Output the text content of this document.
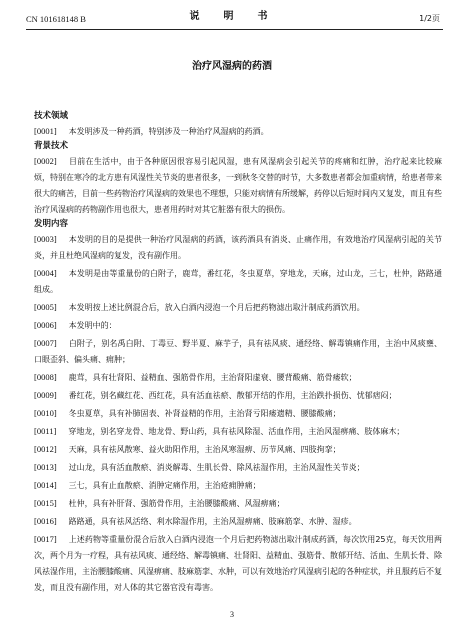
CN 101618148 B	说　明　书	1/2页
治疗风湿病的药酒
技术领域

[0001] 本发明涉及一种药酒，特别涉及一种治疗风湿病的药酒。

背景技术

[0002] 目前在生活中，由于各种原因很容易引起风湿，患有风湿病会引起关节的疼痛和红肿，治疗起来比较麻烦，特别在寒冷的北方患有风湿性关节炎的患者很多，一到秋冬交替的时节，大多数患者都会加重病情，给患者带来很大的痛苦，目前一些药物治疗风湿病的效果也不理想，只能对病情有所缓解，药停以后短时间内又复发，而且有些治疗风湿病的药物副作用也很大，患者用药时对其它脏器有很大的损伤。

发明内容

[0003] 本发明的目的是提供一种治疗风湿病的药酒，该药酒具有消炎、止痛作用，有效地治疗风湿病引起的关节炎，并且杜绝风湿病的复发，没有副作用。

[0004] 本发明是由等重量份的白附子，鹿茸，番红花，冬虫夏草，穿地龙，天麻，过山龙，三七，杜仲，路路通组成。

[0005] 本发明按上述比例混合后，放入白酒内浸泡一个月后把药物滤出取汁制成药酒饮用。

[0006] 本发明中的：

[0007] 白附子，别名禹白附、丁毒豆、野半夏、麻芋子，具有祛风痰、通经络、解毒镇痛作用，主治中风痰壅、口眼歪斜、偏头痛、痈肿；

[0008] 鹿茸，具有壮肾阳、益精血、强筋骨作用，主治肾阳虚衰、腰背酸痛、筋骨痿软；

[0009] 番红花，别名藏红花、西红花，具有活血祛瘀、散郁开结的作用，主治跌扑损伤、忧郁痞闷；

[0010] 冬虫夏草，具有补肺固表、补肾益精的作用，主治肾亏阳痿遗精、腰膝酸痛；

[0011] 穿地龙，别名穿龙骨、地龙骨、野山药，具有祛风除湿、活血作用，主治风湿痹痛、肢体麻木；

[0012] 天麻，具有祛风散寒、益火助阳作用，主治风寒湿痹、历节风痛、四肢拘挛；

[0013] 过山龙，具有活血散瘀、消炎解毒、生肌长骨、除风祛湿作用，主治风湿性关节炎；

[0014] 三七，具有止血散瘀、消肿定痛作用，主治疮痈肿痛；

[0015] 杜仲，具有补肝肾、强筋骨作用，主治腰膝酸痛、风湿痹痛；

[0016] 路路通，具有祛风活络、利水除湿作用，主治风湿痹痛、肢麻筋挛、水肿、湿疹。

[0017] 上述药物等重量份混合后放入白酒内浸泡一个月后把药物滤出取汁制成药酒，每次饮用25克，每天饮用两次，两个月为一疗程，具有祛风痰、通经络、解毒镇痛、壮肾阳、益精血、强筋骨、散郁开结、活血、生肌长骨、除风祛湿作用，主治腰膝酸痛、风湿痹痛、肢麻筋挛、水肿，可以有效地治疗风湿病引起的各种症状，并且服药后不复发，而且没有副作用，对人体的其它器官没有毒害。

3
